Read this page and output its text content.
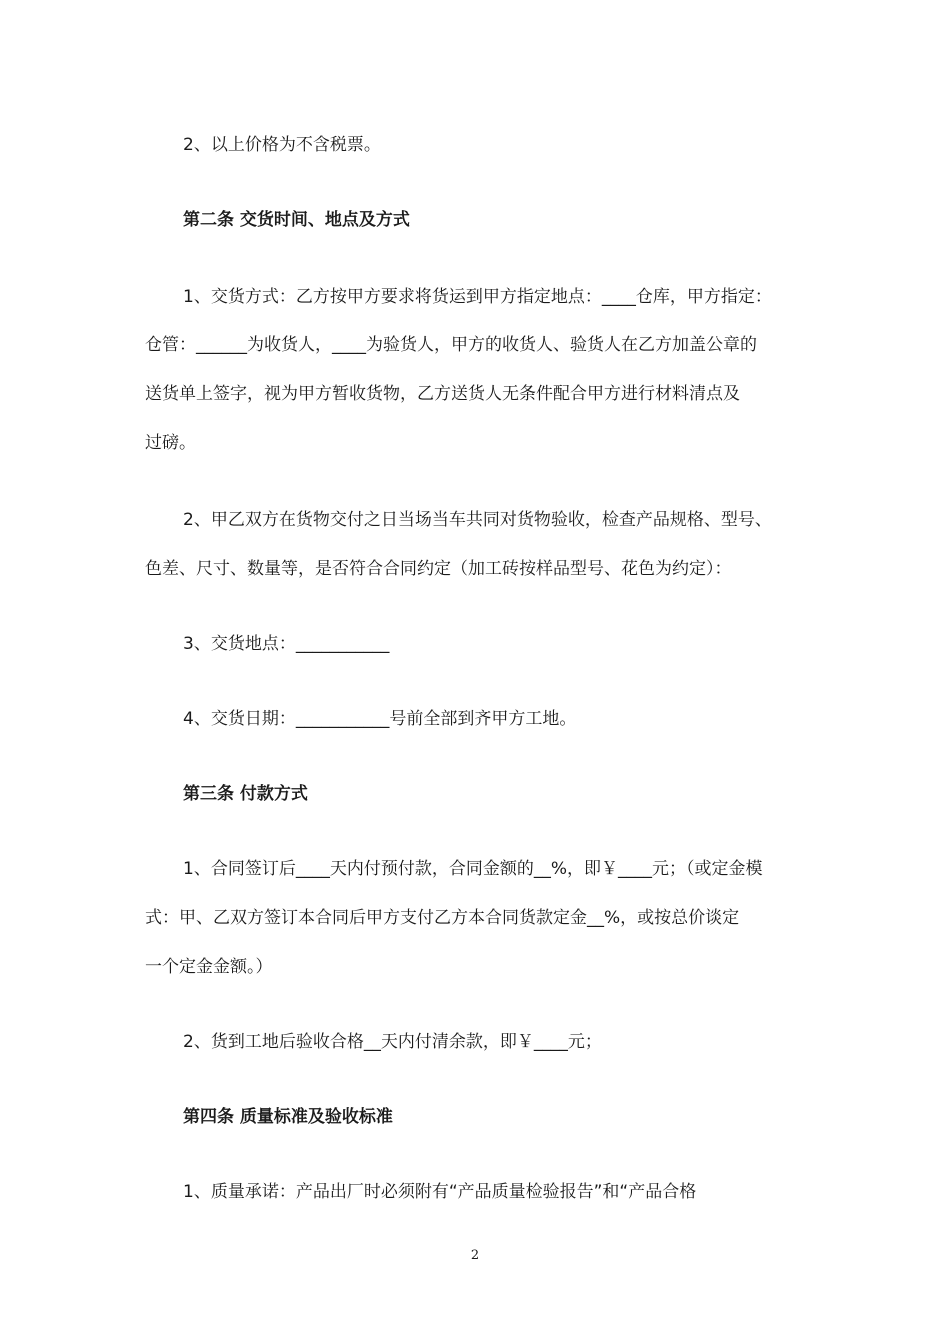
2、以上价格为不含税票。
第二条 交货时间、地点及方式
1、交货方式：乙方按甲方要求将货运到甲方指定地点：____仓库，甲方指定：
仓管：______为收货人，____为验货人，甲方的收货人、验货人在乙方加盖公章的
送货单上签字，视为甲方暂收货物，乙方送货人无条件配合甲方进行材料清点及
过磅。
2、甲乙双方在货物交付之日当场当车共同对货物验收，检查产品规格、型号、
色差、尺寸、数量等，是否符合合同约定（加工砖按样品型号、花色为约定）：
3、交货地点：___________
4、交货日期：___________号前全部到齐甲方工地。
第三条 付款方式
1、合同签订后____天内付预付款，合同金额的__%，即￥____元；（或定金模
式：甲、乙双方签订本合同后甲方支付乙方本合同货款定金__%，或按总价谈定
一个定金金额。）
2、货到工地后验收合格__天内付清余款，即￥____元；
第四条 质量标准及验收标准
1、质量承诺：产品出厂时必须附有“产品质量检验报告”和“产品合格
2
